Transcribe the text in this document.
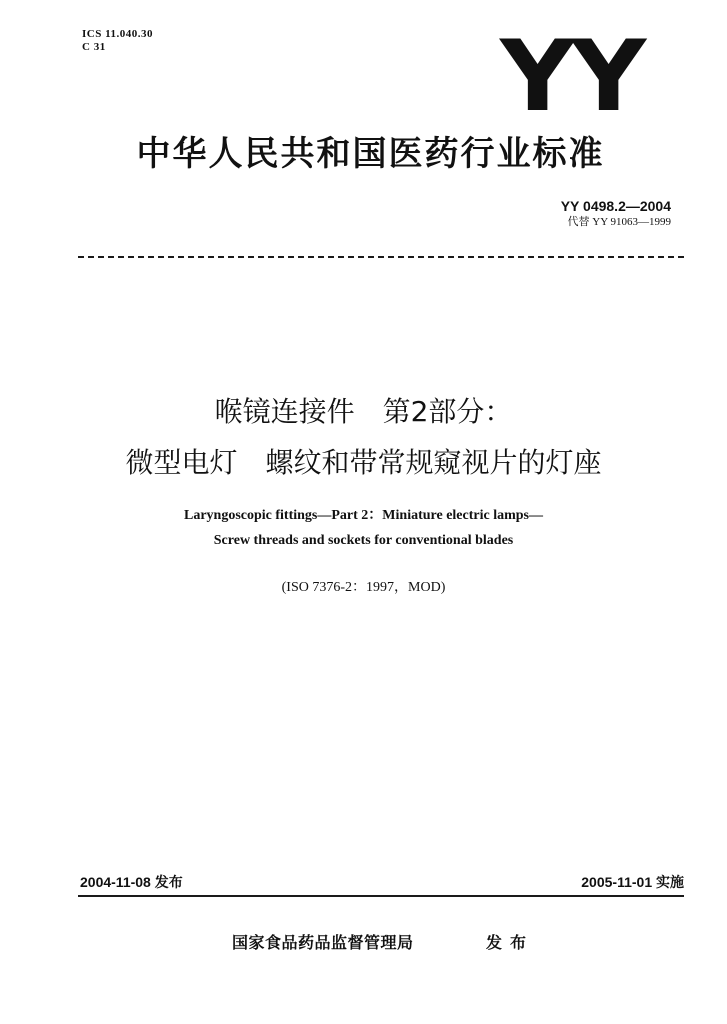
ICS 11.040.30
C 31	YY
中华人民共和国医药行业标准
YY 0498.2—2004
代替 YY 91063—1999
喉镜连接件　第2部分：
微型电灯　螺纹和带常规窥视片的灯座
Laryngoscopic fittings—Part 2：Miniature electric lamps—
Screw threads and sockets for conventional blades
(ISO 7376-2：1997，MOD)
2004-11-08 发布	2005-11-01 实施
国家食品药品监督管理局	发布
